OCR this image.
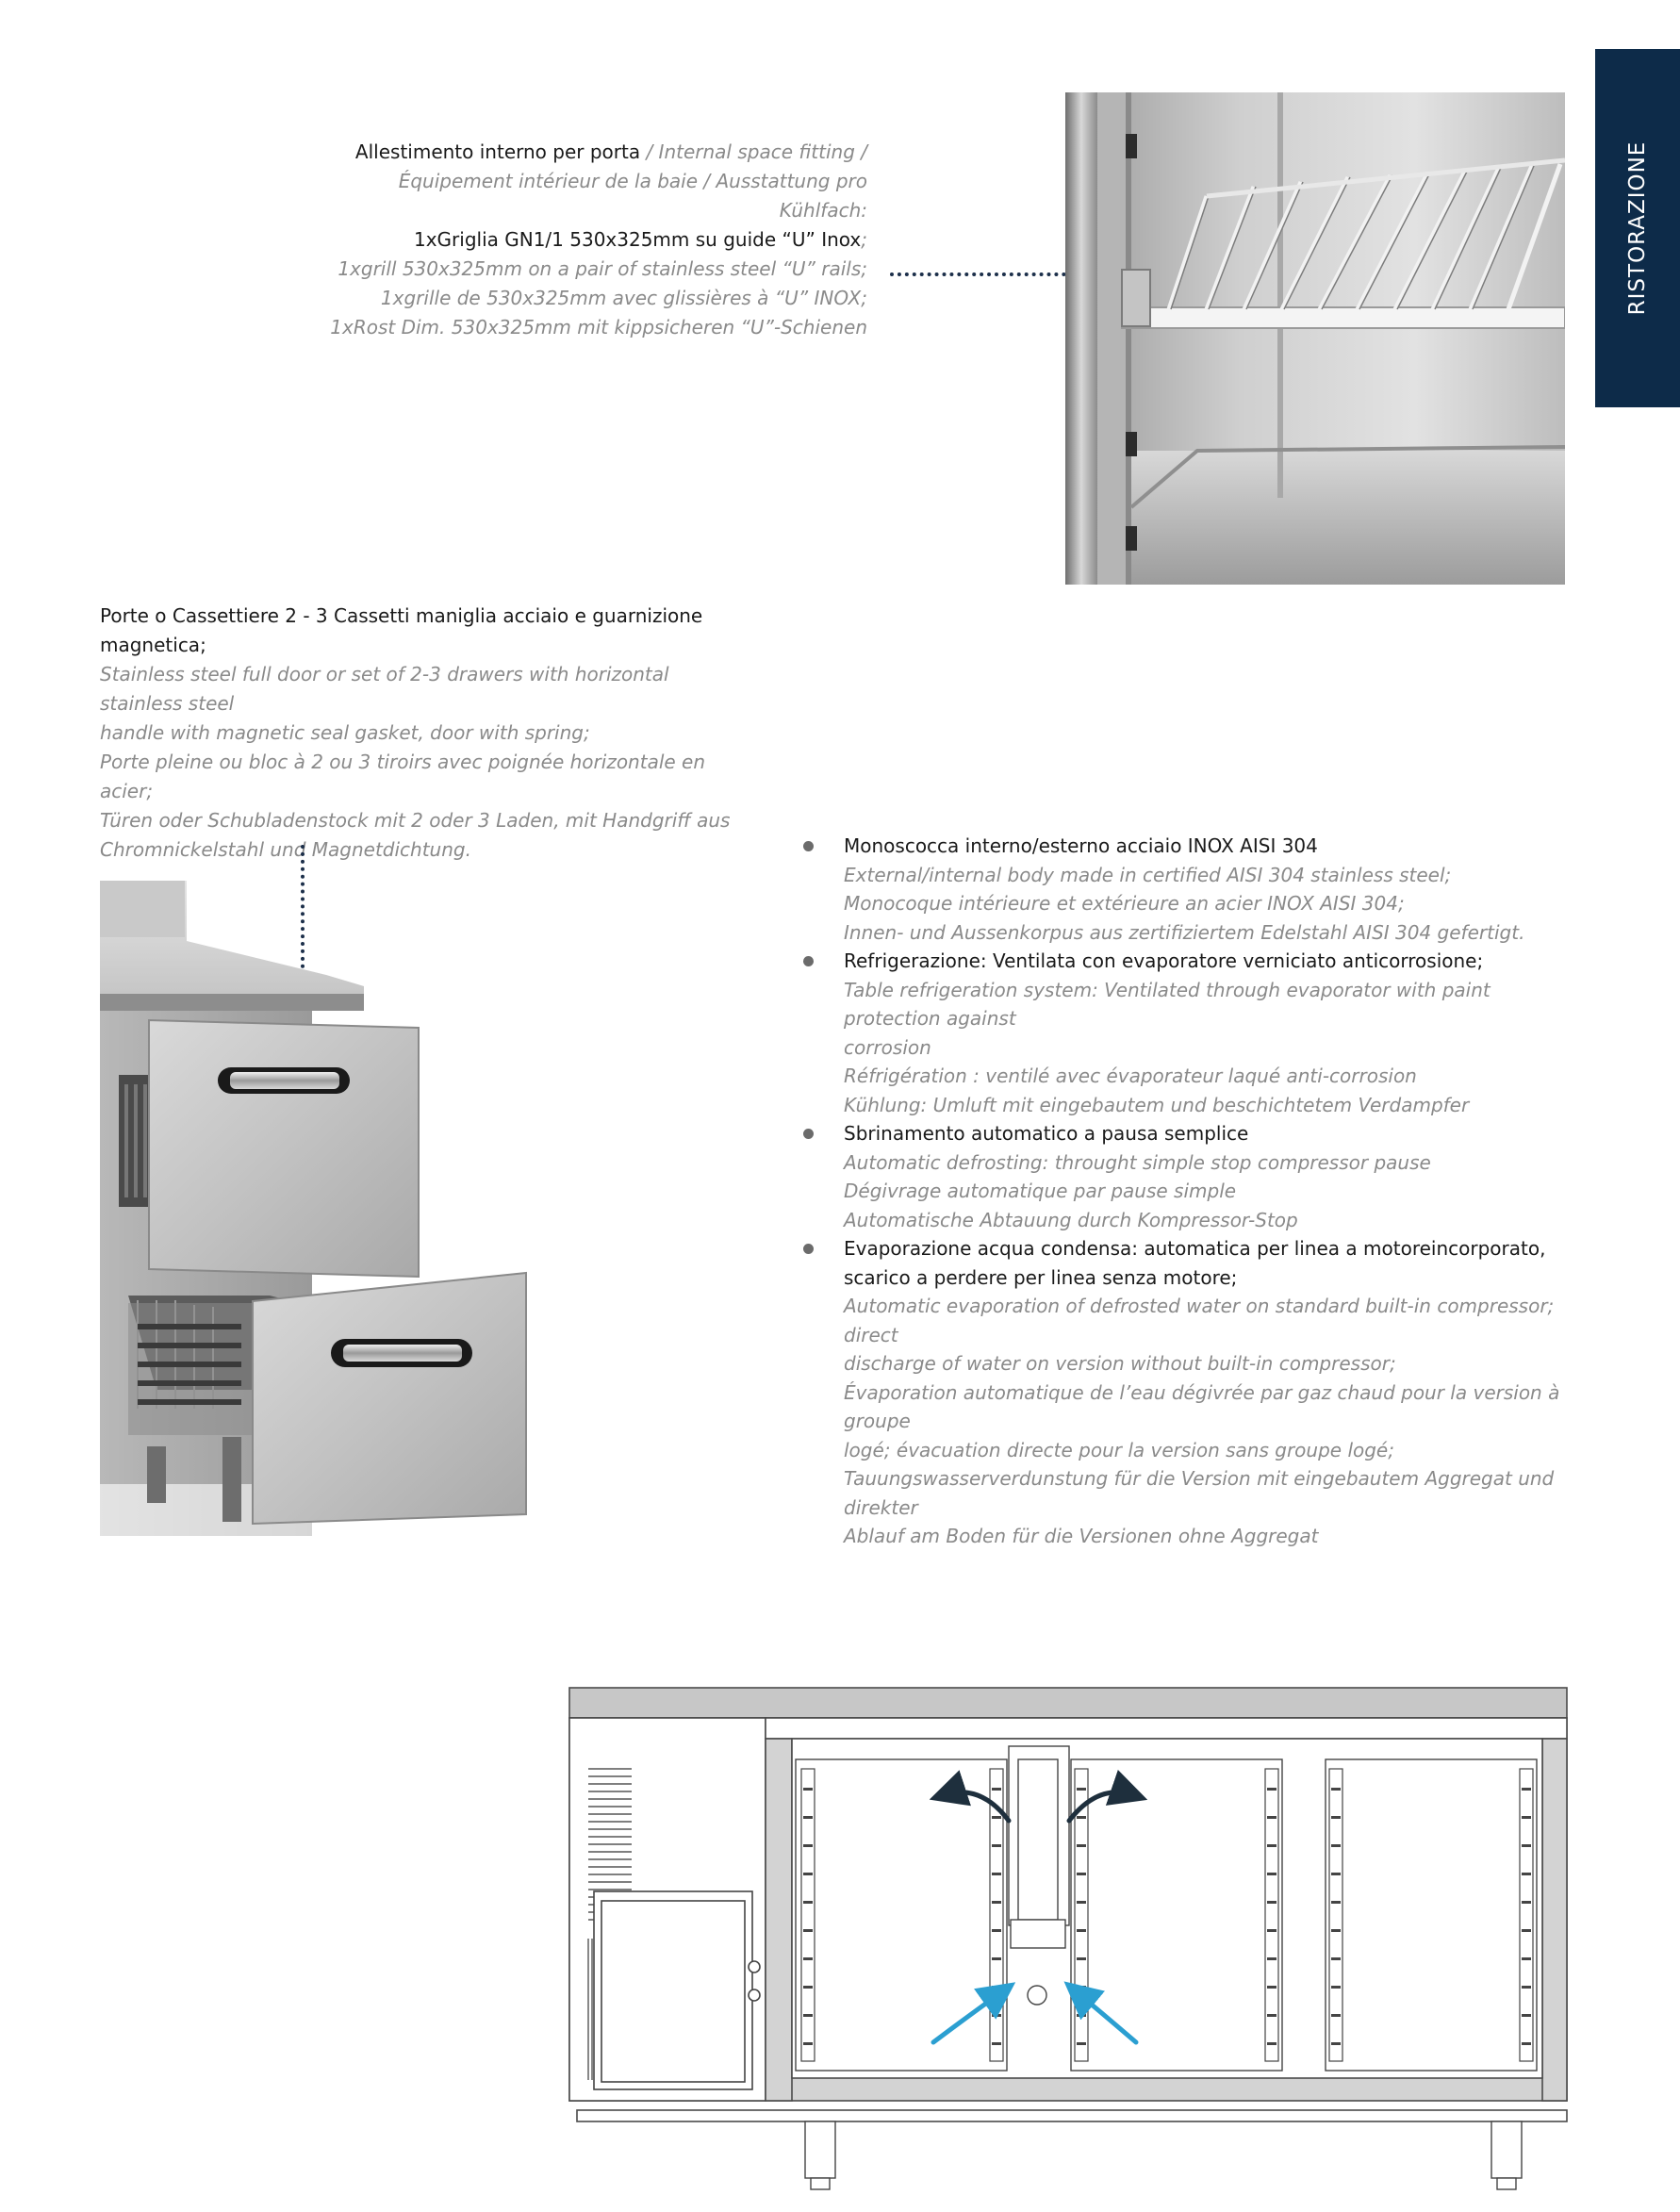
RISTORAZIONE
Allestimento interno per porta / Internal space fitting /
Équipement intérieur de la baie / Ausstattung pro Kühlfach:
1xGriglia GN1/1 530x325mm su guide “U” Inox;
1xgrill 530x325mm on a pair of stainless steel “U” rails;
1xgrille de 530x325mm avec glissières à “U” INOX;
1xRost Dim. 530x325mm mit kippsicheren “U”-Schienen
Porte o Cassettiere 2 - 3 Cassetti maniglia acciaio e guarnizione magnetica;
Stainless steel full door or set of 2-3 drawers with horizontal stainless steel
handle with magnetic seal gasket, door with spring;
Porte pleine ou bloc à 2 ou 3 tiroirs avec poignée horizontale en acier;
Türen oder Schubladenstock mit 2 oder 3 Laden, mit Handgriff aus
Chromnickelstahl und Magnetdichtung.	Monoscocca interno/esterno acciaio INOX AISI 304
External/internal body made in certified AISI 304 stainless steel;
Monocoque intérieure et extérieure an acier INOX AISI 304;
Innen- und Aussenkorpus aus zertifiziertem Edelstahl AISI 304 gefertigt.
Refrigerazione: Ventilata con evaporatore verniciato anticorrosione;
Table refrigeration system: Ventilated through evaporator with paint protection against
corrosion
Réfrigération : ventilé avec évaporateur laqué anti-corrosion
Kühlung: Umluft mit eingebautem und beschichtetem Verdampfer
Sbrinamento automatico a pausa semplice
Automatic defrosting: throught simple stop compressor pause
Dégivrage automatique par pause simple
Automatische Abtauung durch Kompressor-Stop
Evaporazione acqua condensa: automatica per linea a motoreincorporato, scarico a perdere per linea senza motore;
Automatic evaporation of defrosted water on standard built-in compressor; direct
discharge of water on version without built-in compressor;
Évaporation automatique de l’eau dégivrée par gaz chaud pour la version à groupe
logé; évacuation directe pour la version sans groupe logé;
Tauungswasserverdunstung für die Version mit eingebautem Aggregat und direkter
Ablauf am Boden für die Versionen ohne Aggregat
